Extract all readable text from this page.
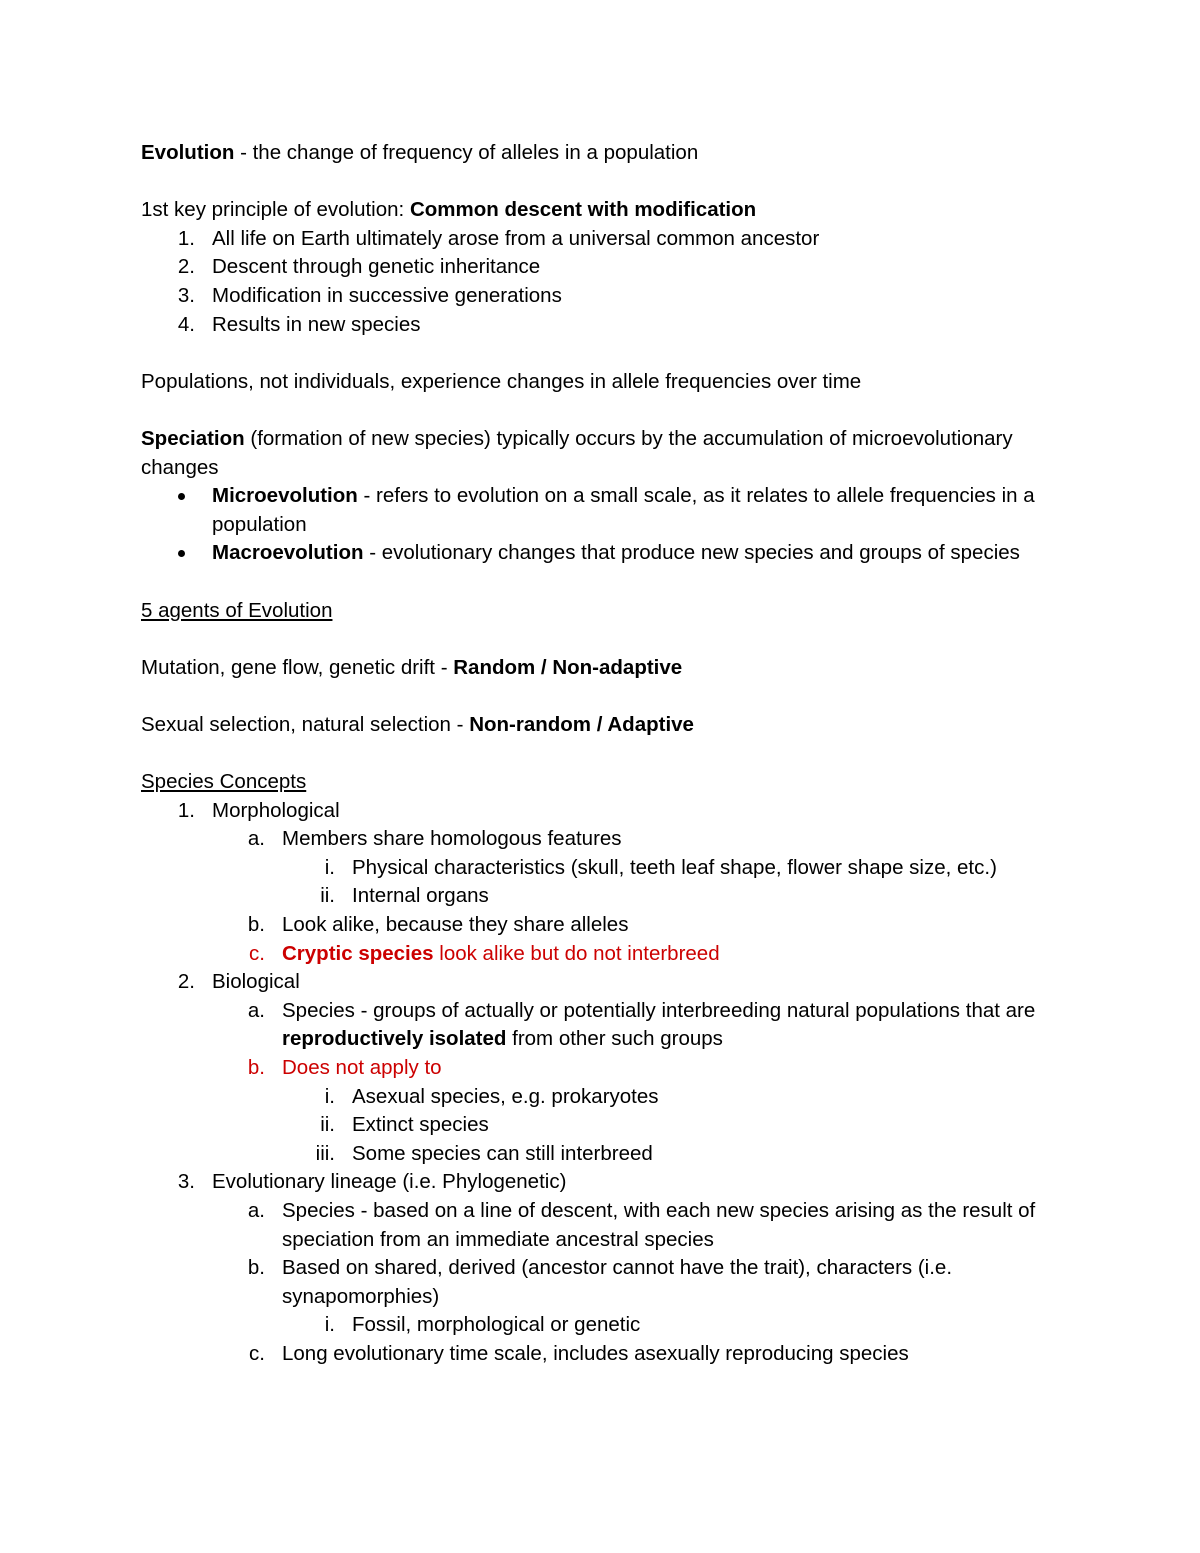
Evolution - the change of frequency of alleles in a population

1st key principle of evolution: Common descent with modification

1. All life on Earth ultimately arose from a universal common ancestor
2. Descent through genetic inheritance
3. Modification in successive generations
4. Results in new species

Populations, not individuals, experience changes in allele frequencies over time

Speciation (formation of new species) typically occurs by the accumulation of microevolutionary changes

Microevolution - refers to evolution on a small scale, as it relates to allele frequencies in a population
Macroevolution - evolutionary changes that produce new species and groups of species

5 agents of Evolution

Mutation, gene flow, genetic drift - Random / Non-adaptive

Sexual selection, natural selection - Non-random / Adaptive

Species Concepts

1. Morphological
a. Members share homologous features
i. Physical characteristics (skull, teeth leaf shape, flower shape size, etc.)
ii. Internal organs
b. Look alike, because they share alleles
c. Cryptic species look alike but do not interbreed
2. Biological
a. Species - groups of actually or potentially interbreeding natural populations that are reproductively isolated from other such groups
b. Does not apply to
i. Asexual species, e.g. prokaryotes
ii. Extinct species
iii. Some species can still interbreed
3. Evolutionary lineage (i.e. Phylogenetic)
a. Species - based on a line of descent, with each new species arising as the result of speciation from an immediate ancestral species
b. Based on shared, derived (ancestor cannot have the trait), characters (i.e. synapomorphies)
i. Fossil, morphological or genetic
c. Long evolutionary time scale, includes asexually reproducing species
